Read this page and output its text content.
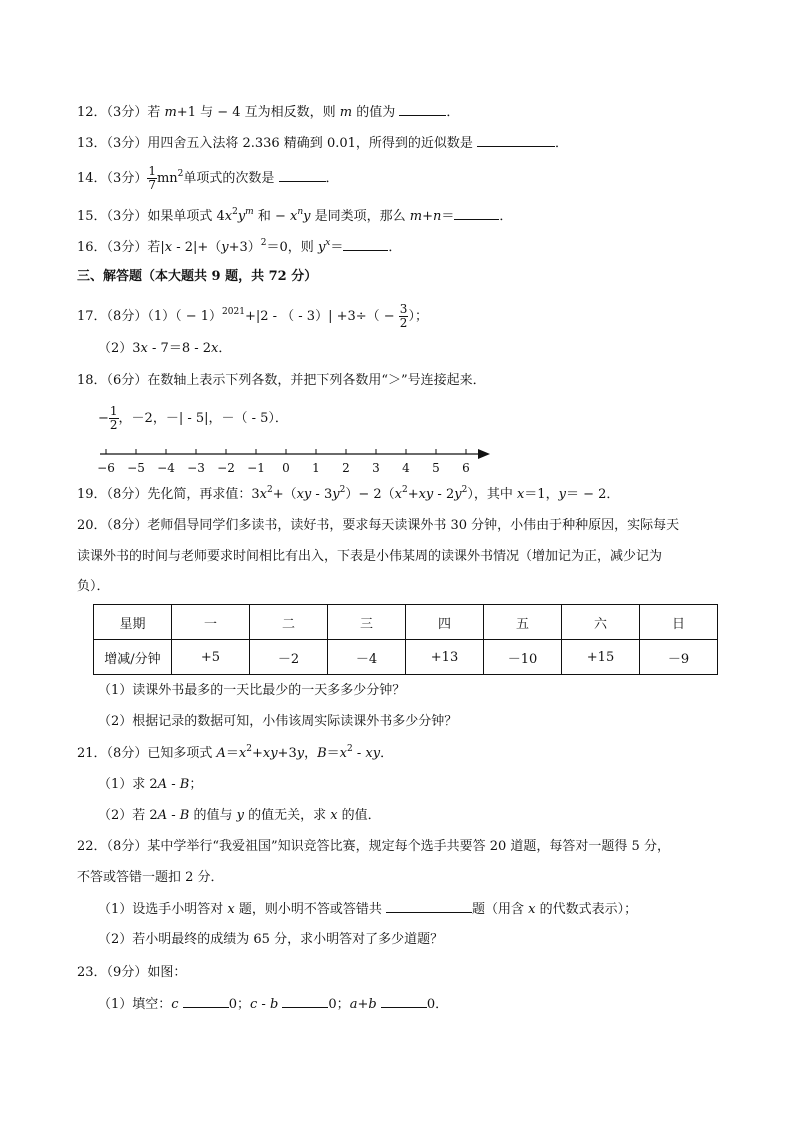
12．（3分）若 m+1 与 − 4 互为相反数，则 m 的值为	．
13．（3分）用四舍五入法将 2.336 精确到 0.01，所得到的近似数是	．
14．（3分） $\frac{1}{7} mn^2$单项式的次数是	．
15．（3分）如果单项式 $4x^2y^m$ 和 − $x^ny$ 是同类项，那么 m+n＝	．
16．（3分）若$|x - 2|+(y+3)^2=0$，则 $y^x=$	．
三、解答题（本大题共 9 题，共 72 分）
17．（8分）$(1)( - 1)^{2021}+|2$ - （ - $3)| +3\div( - \frac{3}{2}$ ）；
（2）3x - 7＝8 - 2x．
18．（6分）在数轴上表示下列各数，并把下列各数用“＞”号连接起来．
− $\frac{1}{2}$ ，－2，－| - 5|，－（ - 5）．
−6 −5 −4 −3 −2 −1 0 1 2 3 4 5 6
19．（8分）先化简，再求值：$3x^2+(xy - 3y^2)- 2(x^2+xy - 2y^2)$，其中 x＝1，y＝ − 2．
20．（8分）老师倡导同学们多读书，读好书，要求每天读课外书 30 分钟，小伟由于种种原因，实际每天
读课外书的时间与老师要求时间相比有出入，下表是小伟某周的读课外书情况（增加记为正，减少记为
负）．
星期	一	二	三	四	五	六	日
增减/分钟	+5	－2	－4	+13	－10	+15	－9
（1）读课外书最多的一天比最少的一天多多少分钟？
（2）根据记录的数据可知，小伟该周实际读课外书多少分钟？
21．（8分）已知多项式 $A=x^2+xy+3y$，$B=x^2$ - xy．
（1）求 2A - B；
（2）若 2A - B 的值与 y 的值无关，求 x 的值．
22．（8分）某中学举行“我爱祖国”知识竞答比赛，规定每个选手共要答 20 道题，每答对一题得 5 分，
不答或答错一题扣 2 分．
（1）设选手小明答对 x 题，则小明不答或答错共	题（用含 x 的代数式表示）；
（2）若小明最终的成绩为 65 分，求小明答对了多少道题？
23．（9分）如图：
（1）填空：c	0；c - b	0；a+b	0．
